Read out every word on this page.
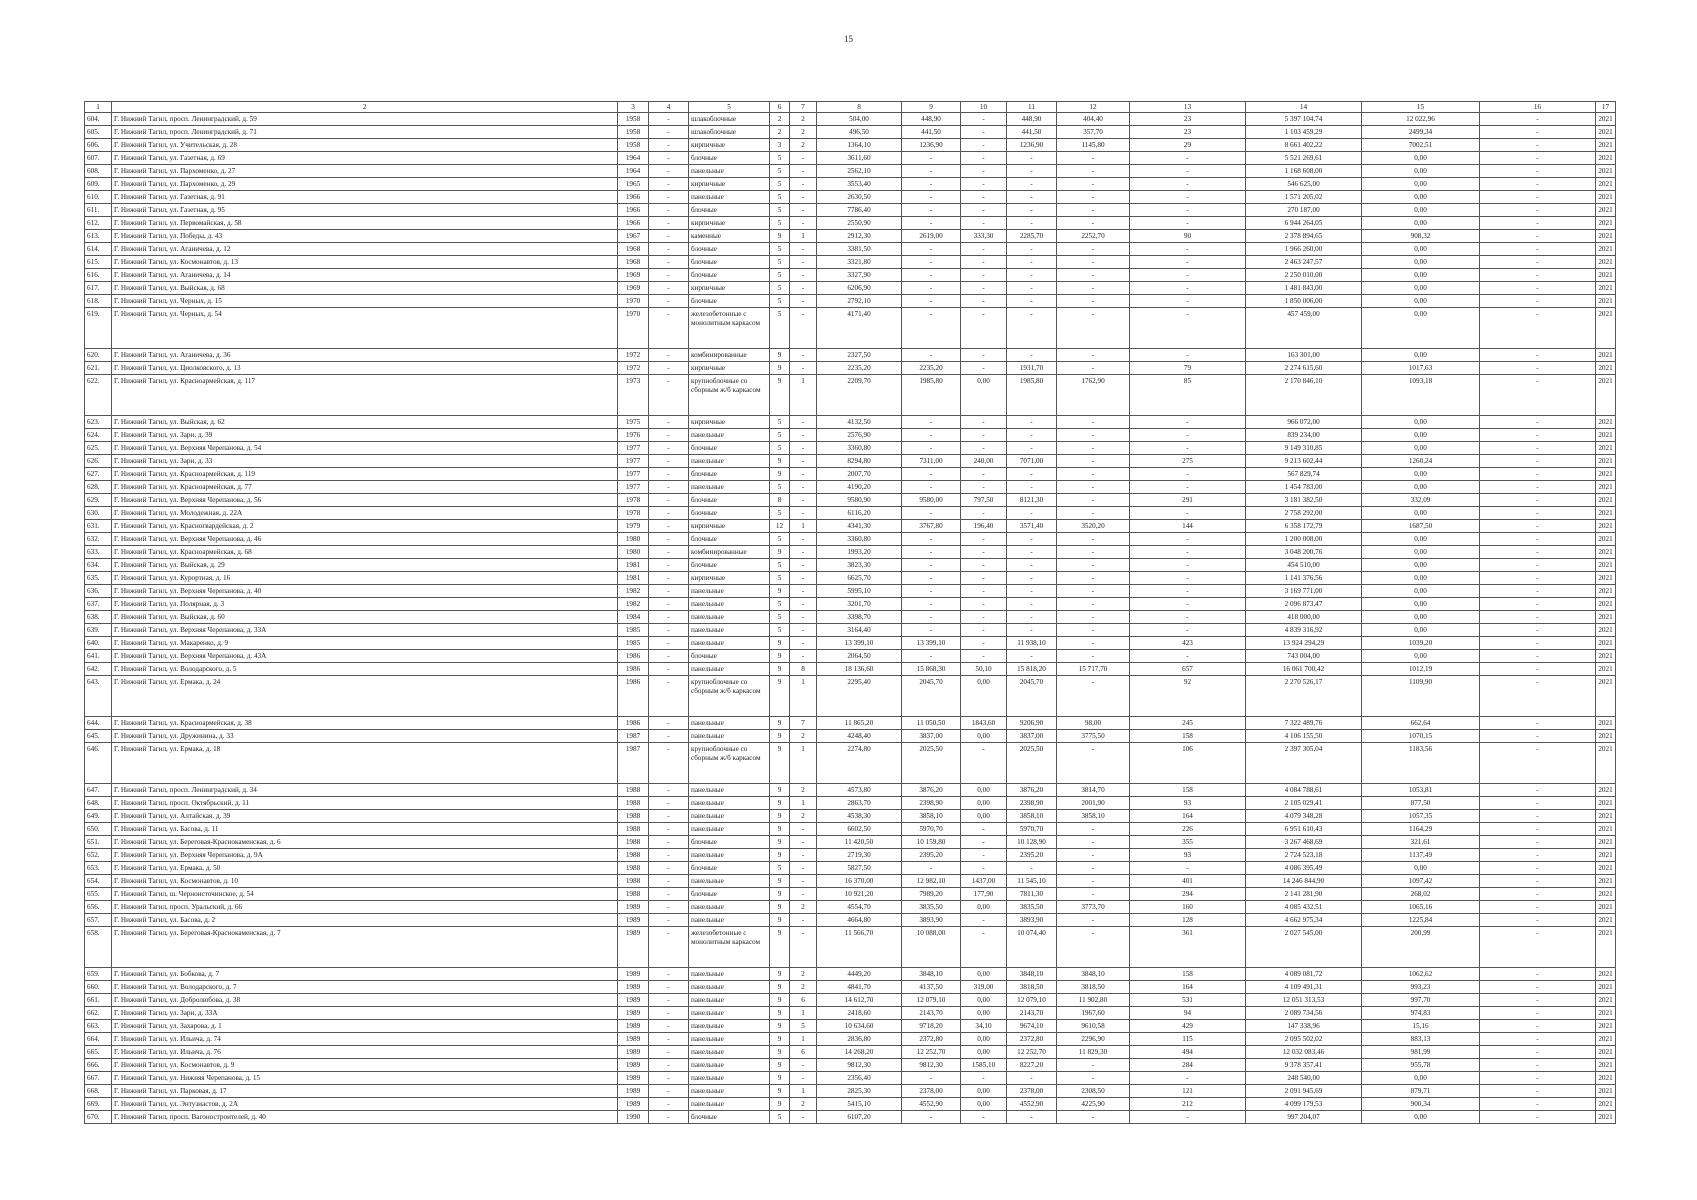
15
1	2	3	4	5	6	7	8	9	10	11	12	13	14	15	16	17
604.	Г. Нижний Тагил, просп. Ленинградский, д. 59	1958	-	шлакоблочные	2	2	504,00	448,90	-	448,90	404,40	23	5 397 104,74	12 022,96	-	2021
605.	Г. Нижний Тагил, просп. Ленинградский, д. 71	1958	-	шлакоблочные	2	2	496,50	441,50	-	441,50	357,70	23	1 103 459,29	2499,34	-	2021
606.	Г. Нижний Тагил, ул. Учительская, д. 28	1958	-	кирпичные	3	2	1364,10	1236,90	-	1236,90	1145,80	29	8 661 402,22	7002,51	-	2021
607.	Г. Нижний Тагил, ул. Газетная, д. 69	1964	-	блочные	5	-	3611,60	-	-	-	-	-	5 521 269,61	0,00	-	2021
608.	Г. Нижний Тагил, ул. Пархоменко, д. 27	1964	-	панельные	5	-	2562,10	-	-	-	-	-	1 168 608,00	0,00	-	2021
609.	Г. Нижний Тагил, ул. Пархоменко, д. 29	1965	-	кирпичные	5	-	3553,40	-	-	-	-	-	546 625,00	0,00	-	2021
610.	Г. Нижний Тагил, ул. Газетная, д. 91	1966	-	панельные	5	-	2630,50	-	-	-	-	-	1 571 205,02	0,00	-	2021
611.	Г. Нижний Тагил, ул. Газетная, д. 95	1966	-	блочные	5	-	7786,40	-	-	-	-	-	270 187,00	0,00	-	2021
612.	Г. Нижний Тагил, ул. Первомайская, д. 58	1966	-	кирпичные	5	-	2550,90	-	-	-	-	-	6 944 264,05	0,00	-	2021
613.	Г. Нижний Тагил, ул. Победы, д. 43	1967	-	каменные	9	1	2912,30	2619,00	333,30	2285,70	2252,70	90	2 378 894,65	908,32	-	2021
614.	Г. Нижний Тагил, ул. Аганичева, д. 12	1968	-	блочные	5	-	3381,50	-	-	-	-	-	1 966 260,00	0,00	-	2021
615.	Г. Нижний Тагил, ул. Космонавтов, д. 13	1968	-	блочные	5	-	3321,80	-	-	-	-	-	2 463 247,57	0,00	-	2021
616.	Г. Нижний Тагил, ул. Аганичева, д. 14	1969	-	блочные	5	-	3327,90	-	-	-	-	-	2 250 010,00	0,00	-	2021
617.	Г. Нижний Тагил, ул. Выйская, д. 68	1969	-	кирпичные	5	-	6206,90	-	-	-	-	-	1 481 843,00	0,00	-	2021
618.	Г. Нижний Тагил, ул. Черных, д. 15	1970	-	блочные	5	-	2792,10	-	-	-	-	-	1 850 006,00	0,00	-	2021
619.	Г. Нижний Тагил, ул. Черных, д. 54	1970	-	железобетонные с монолитным каркасом	5	-	4171,40	-	-	-	-	-	457 459,00	0,00	-	2021
620.	Г. Нижний Тагил, ул. Аганичева, д. 36	1972	-	комбинированные	9	-	2327,50	-	-	-	-	-	163 301,00	0,00	-	2021
621.	Г. Нижний Тагил, ул. Циолковского, д. 13	1972	-	кирпичные	9	-	2235,20	2235,20	-	1931,70	-	79	2 274 615,60	1017,63	-	2021
622.	Г. Нижний Тагил, ул. Красноармейская, д. 117	1973	-	крупноблочные со сборным ж/б каркасом	9	1	2209,70	1985,80	0,00	1985,80	1762,90	85	2 170 846,10	1093,18	-	2021
623.	Г. Нижний Тагил, ул. Выйская, д. 62	1975	-	кирпичные	5	-	4132,50	-	-	-	-	-	966 072,00	0,00	-	2021
624.	Г. Нижний Тагил, ул. Зари, д. 39	1976	-	панельные	5	-	2576,90	-	-	-	-	-	839 234,00	0,00	-	2021
625.	Г. Нижний Тагил, ул. Верхняя Черепанова, д. 54	1977	-	блочные	5	-	3360,80	-	-	-	-	-	9 149 310,85	0,00	-	2021
626.	Г. Нижний Тагил, ул. Зари, д. 33	1977	-	панельные	9	-	8294,80	7311,00	240,00	7071,00	-	275	9 213 602,44	1260,24	-	2021
627.	Г. Нижний Тагил, ул. Красноармейская, д. 119	1977	-	блочные	9	-	2007,70	-	-	-	-	-	567 829,74	0,00	-	2021
628.	Г. Нижний Тагил, ул. Красноармейская, д. 77	1977	-	панельные	5	-	4190,20	-	-	-	-	-	1 454 783,00	0,00	-	2021
629.	Г. Нижний Тагил, ул. Верхняя Черепанова, д. 56	1978	-	блочные	8	-	9580,90	9580,00	797,50	8121,30	-	291	3 181 382,50	332,09	-	2021
630.	Г. Нижний Тагил, ул. Молодежная, д. 22А	1978	-	блочные	5	-	6116,20	-	-	-	-	-	2 758 292,00	0,00	-	2021
631.	Г. Нижний Тагил, ул. Красногвардейская, д. 2	1979	-	кирпичные	12	1	4341,30	3767,80	196,40	3571,40	3520,20	144	6 358 172,79	1687,50	-	2021
632.	Г. Нижний Тагил, ул. Верхняя Черепанова, д. 46	1980	-	блочные	5	-	3360,80	-	-	-	-	-	1 200 008,00	0,00	-	2021
633.	Г. Нижний Тагил, ул. Красноармейская, д. 68	1980	-	комбинированные	9	-	1993,20	-	-	-	-	-	3 048 200,76	0,00	-	2021
634.	Г. Нижний Тагил, ул. Выйская, д. 29	1981	-	блочные	5	-	3823,30	-	-	-	-	-	454 510,00	0,00	-	2021
635.	Г. Нижний Тагил, ул. Курортная, д. 16	1981	-	кирпичные	5	-	6625,70	-	-	-	-	-	1 141 376,56	0,00	-	2021
636.	Г. Нижний Тагил, ул. Верхняя Черепанова, д. 40	1982	-	панельные	9	-	5995,10	-	-	-	-	-	3 169 771,00	0,00	-	2021
637.	Г. Нижний Тагил, ул. Полярная, д. 3	1982	-	панельные	5	-	3201,70	-	-	-	-	-	2 096 873,47	0,00	-	2021
638.	Г. Нижний Тагил, ул. Выйская, д. 60	1984	-	панельные	5	-	3398,70	-	-	-	-	-	418 000,00	0,00	-	2021
639.	Г. Нижний Тагил, ул. Верхняя Черепанова, д. 33А	1985	-	панельные	5	-	3164,40	-	-	-	-	-	4 839 316,92	0,00	-	2021
640.	Г. Нижний Тагил, ул. Макаренко, д. 9	1985	-	панельные	9	-	13 399,10	13 399,10	-	11 938,10	-	423	13 924 294,29	1039,20	-	2021
641.	Г. Нижний Тагил, ул. Верхняя Черепанова, д. 43А	1986	-	блочные	9	-	2064,50	-	-	-	-	-	743 004,00	0,00	-	2021
642.	Г. Нижний Тагил, ул. Володарского, д. 5	1986	-	панельные	9	8	18 136,60	15 868,30	50,10	15 818,20	15 717,70	657	16 061 700,42	1012,19	-	2021
643.	Г. Нижний Тагил, ул. Ермака, д. 24	1986	-	крупноблочные со сборным ж/б каркасом	9	1	2295,40	2045,70	0,00	2045,70	-	92	2 270 526,17	1109,90	-	2021
644.	Г. Нижний Тагил, ул. Красноармейская, д. 38	1986	-	панельные	9	7	11 865,20	11 050,50	1843,60	9206,90	98,00	245	7 322 489,76	662,64	-	2021
645.	Г. Нижний Тагил, ул. Дружинина, д. 33	1987	-	панельные	9	2	4248,40	3837,00	0,00	3837,00	3775,50	158	4 106 155,50	1070,15	-	2021
646.	Г. Нижний Тагил, ул. Ермака, д. 18	1987	-	крупноблочные со сборным ж/б каркасом	9	1	2274,80	2025,50	-	2025,50	-	106	2 397 305,04	1183,56	-	2021
647.	Г. Нижний Тагил, просп. Ленинградский, д. 34	1988	-	панельные	9	2	4573,80	3876,20	0,00	3876,20	3814,70	158	4 084 788,61	1053,81	-	2021
648.	Г. Нижний Тагил, просп. Октябрьский, д. 11	1988	-	панельные	9	1	2863,70	2398,90	0,00	2398,90	2001,90	93	2 105 029,41	877,50	-	2021
649.	Г. Нижний Тагил, ул. Алтайская, д. 39	1988	-	панельные	9	2	4538,30	3858,10	0,00	3858,10	3858,10	164	4 079 348,28	1057,35	-	2021
650.	Г. Нижний Тагил, ул. Басова, д. 11	1988	-	панельные	9	-	6602,50	5970,70	-	5970,70	-	226	6 951 610,43	1164,29	-	2021
651.	Г. Нижний Тагил, ул. Береговая-Краснокаменская, д. 6	1988	-	блочные	9	-	11 420,50	10 159,80	-	10 128,90	-	355	3 267 468,69	321,61	-	2021
652.	Г. Нижний Тагил, ул. Верхняя Черепанова, д. 9А	1988	-	панельные	9	-	2719,30	2395,20	-	2395,20	-	93	2 724 523,18	1137,49	-	2021
653.	Г. Нижний Тагил, ул. Ермака, д. 50	1988	-	блочные	5	-	5827,50	-	-	-	-	-	4 086 395,49	0,00	-	2021
654.	Г. Нижний Тагил, ул. Космонавтов, д. 10	1988	-	панельные	9	-	16 370,00	12 982,10	1437,00	11 545,10	-	401	14 246 844,90	1097,42	-	2021
655.	Г. Нижний Тагил, ш. Черноисточинское, д. 54	1988	-	блочные	9	-	10 921,20	7989,20	177,90	7811,30	-	294	2 141 281,90	268,02	-	2021
656.	Г. Нижний Тагил, просп. Уральский, д. 66	1989	-	панельные	9	2	4554,70	3835,50	0,00	3835,50	3773,70	160	4 085 432,51	1065,16	-	2021
657.	Г. Нижний Тагил, ул. Басова, д. 2	1989	-	панельные	9	-	4664,80	3893,90	-	3893,90	-	128	4 662 975,34	1225,84	-	2021
658.	Г. Нижний Тагил, ул. Береговая-Краснокаменская, д. 7	1989	-	железобетонные с монолитным каркасом	9	-	11 566,70	10 088,00	-	10 074,40	-	361	2 027 545,00	200,99	-	2021
659.	Г. Нижний Тагил, ул. Бобкова, д. 7	1989	-	панельные	9	2	4449,20	3848,10	0,00	3848,10	3848,10	158	4 089 081,72	1062,62	-	2021
660.	Г. Нижний Тагил, ул. Володарского, д. 7	1989	-	панельные	9	2	4841,70	4137,50	319,00	3818,50	3818,50	164	4 109 491,31	993,23	-	2021
661.	Г. Нижний Тагил, ул. Добролюбова, д. 38	1989	-	панельные	9	6	14 612,70	12 079,10	0,00	12 079,10	11 902,80	531	12 051 313,53	997,70	-	2021
662.	Г. Нижний Тагил, ул. Зари, д. 33А	1989	-	панельные	9	1	2418,60	2143,70	0,00	2143,70	1967,60	94	2 089 734,56	974,83	-	2021
663.	Г. Нижний Тагил, ул. Захарова, д. 1	1989	-	панельные	9	5	10 634,60	9718,20	34,10	9674,10	9610,58	429	147 338,96	15,16	-	2021
664.	Г. Нижний Тагил, ул. Ильича, д. 74	1989	-	панельные	9	1	2836,80	2372,80	0,00	2372,80	2296,90	115	2 095 502,02	883,13	-	2021
665.	Г. Нижний Тагил, ул. Ильича, д. 76	1989	-	панельные	9	6	14 268,20	12 252,70	0,00	12 252,70	11 829,30	494	12 032 083,46	981,99	-	2021
666.	Г. Нижний Тагил, ул. Космонавтов, д. 9	1989	-	панельные	9	-	9812,30	9812,30	1585,10	8227,20	-	284	9 378 357,41	955,78	-	2021
667.	Г. Нижний Тагил, ул. Нижняя Черепанова, д. 15	1989	-	панельные	9	-	2356,40	-	-	-	-	-	248 540,00	0,00	-	2021
668.	Г. Нижний Тагил, ул. Парковая, д. 17	1989	-	панельные	9	1	2825,30	2378,00	0,00	2378,00	2308,50	121	2 091 945,69	879,71	-	2021
669.	Г. Нижний Тагил, ул. Энтузиастов, д. 2А	1989	-	панельные	9	2	5415,10	4552,90	0,00	4552,90	4225,90	212	4 099 179,53	900,34	-	2021
670.	Г. Нижний Тагил, просп. Вагоностроителей, д. 40	1990	-	блочные	5	-	6107,20	-	-	-	-	-	997 204,07	0,00	-	2021
